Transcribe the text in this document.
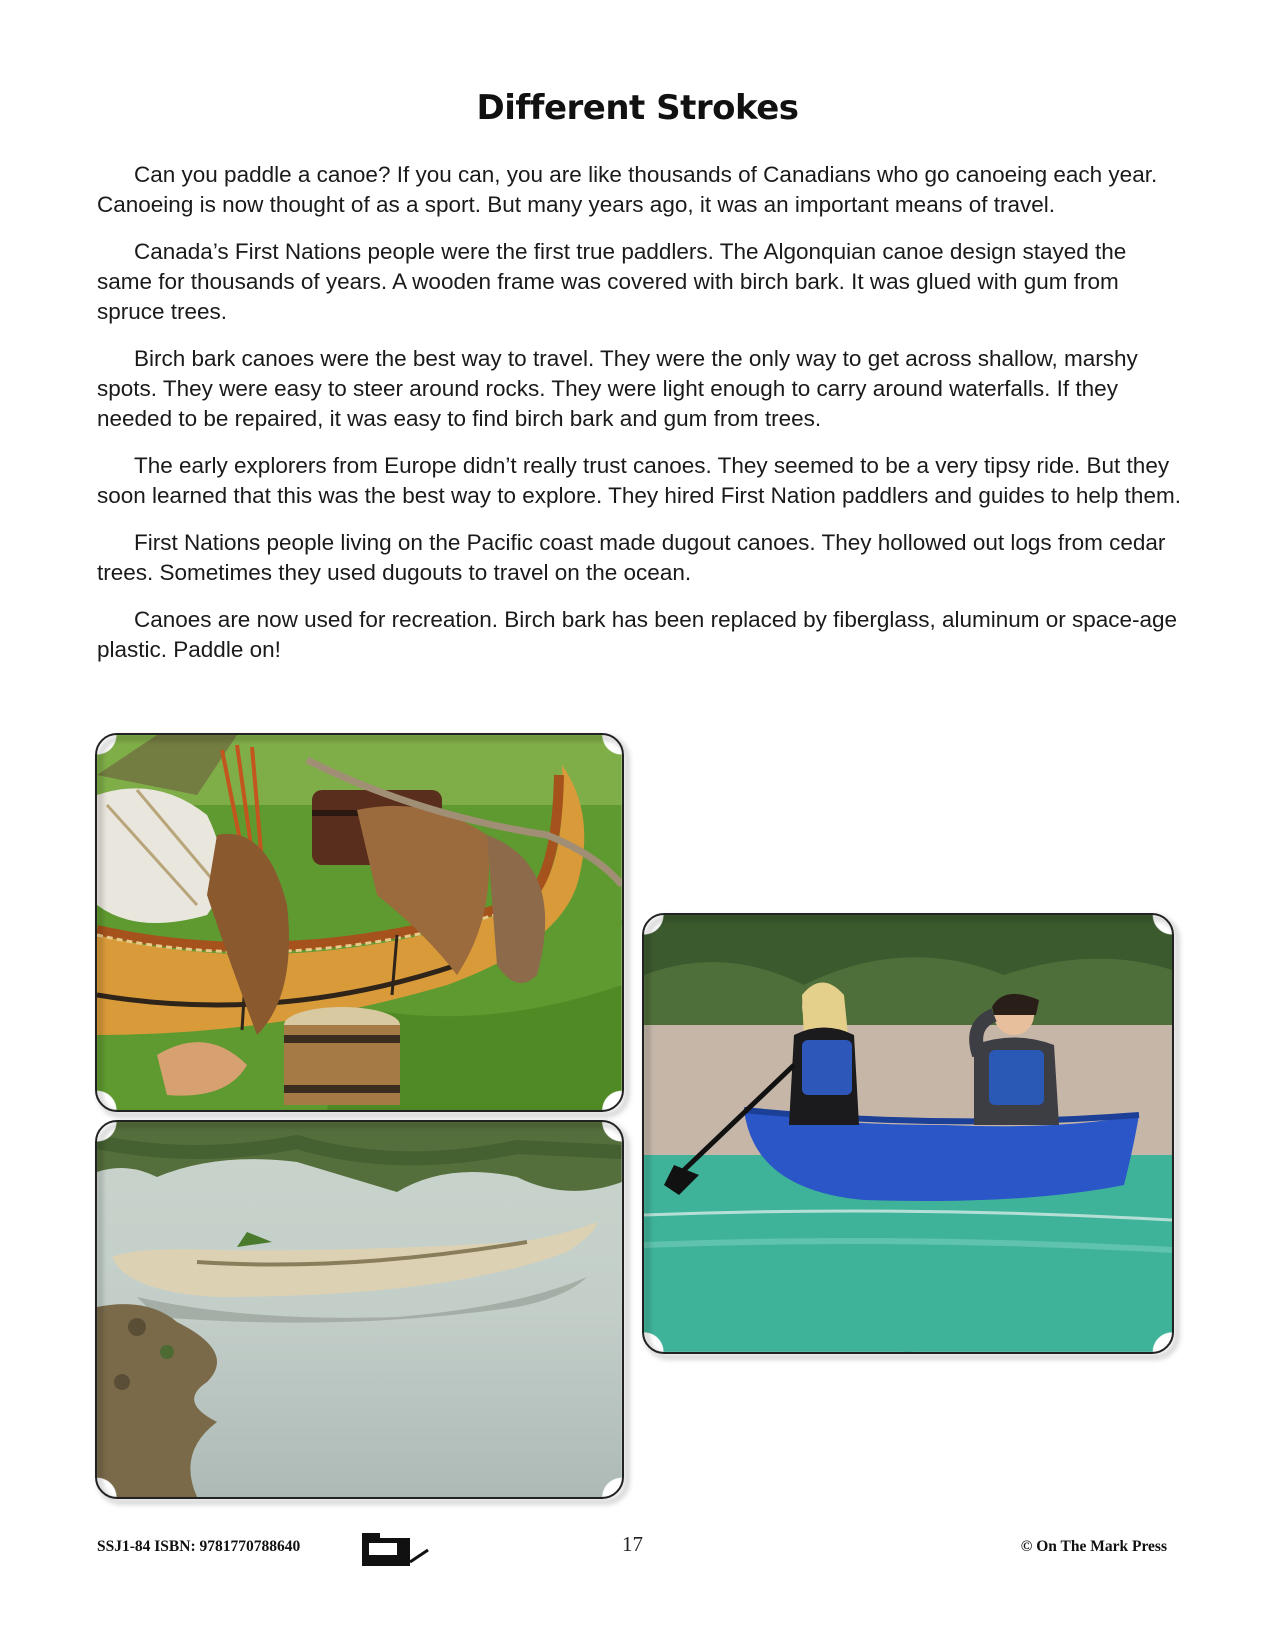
Different Strokes

Can you paddle a canoe? If you can, you are like thousands of Canadians who go canoeing each year. Canoeing is now thought of as a sport. But many years ago, it was an important means of travel.

Canada’s First Nations people were the first true paddlers. The Algonquian canoe design stayed the same for thousands of years. A wooden frame was covered with birch bark. It was glued with gum from spruce trees.

Birch bark canoes were the best way to travel. They were the only way to get across shallow, marshy spots. They were easy to steer around rocks. They were light enough to carry around waterfalls. If they needed to be repaired, it was easy to find birch bark and gum from trees.

The early explorers from Europe didn’t really trust canoes. They seemed to be a very tipsy ride. But they soon learned that this was the best way to explore. They hired First Nation paddlers and guides to help them.

First Nations people living on the Pacific coast made dugout canoes. They hollowed out logs from cedar trees. Sometimes they used dugouts to travel on the ocean.

Canoes are now used for recreation. Birch bark has been replaced by fiberglass, aluminum or space-age plastic. Paddle on!

SSJ1-84 ISBN: 9781770788640	17	© On The Mark Press
